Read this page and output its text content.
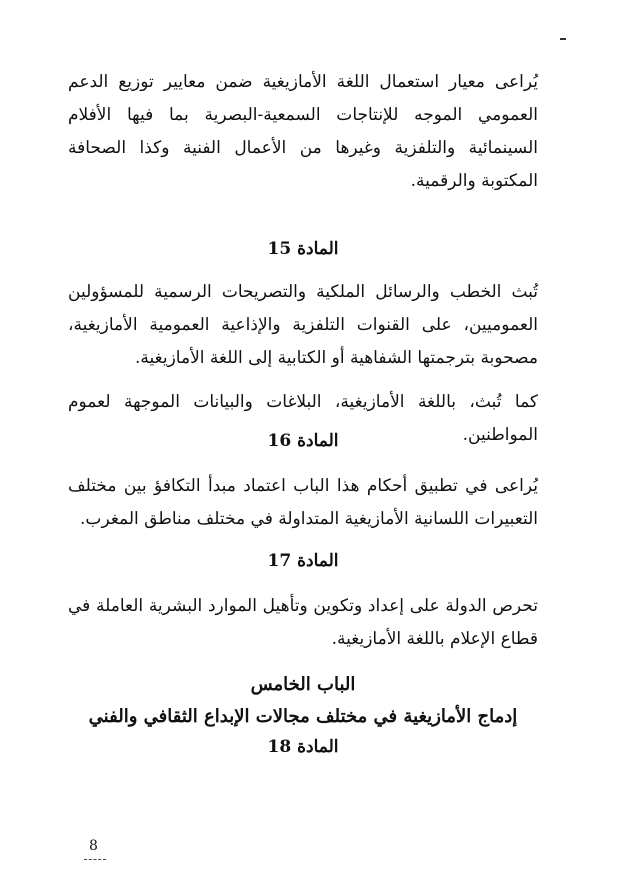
يُراعى معيار استعمال اللغة الأمازيغية ضمن معايير توزيع الدعم العمومي الموجه للإنتاجات السمعية-البصرية بما فيها الأفلام السينمائية والتلفزية وغيرها من الأعمال الفنية وكذا الصحافة المكتوبة والرقمية.
المادة 15
تُبث الخطب والرسائل الملكية والتصريحات الرسمية للمسؤولين العموميين، على القنوات التلفزية والإذاعية العمومية الأمازيغية، مصحوبة بترجمتها الشفاهية أو الكتابية إلى اللغة الأمازيغية.
كما تُبث، باللغة الأمازيغية، البلاغات والبيانات الموجهة لعموم المواطنين.
المادة 16
يُراعى في تطبيق أحكام هذا الباب اعتماد مبدأ التكافؤ بين مختلف التعبيرات اللسانية الأمازيغية المتداولة في مختلف مناطق المغرب.
المادة 17
تحرص الدولة على إعداد وتكوين وتأهيل الموارد البشرية العاملة في قطاع الإعلام باللغة الأمازيغية.
الباب الخامس
إدماج الأمازيغية في مختلف مجالات الإبداع الثقافي والفني
المادة 18
8
